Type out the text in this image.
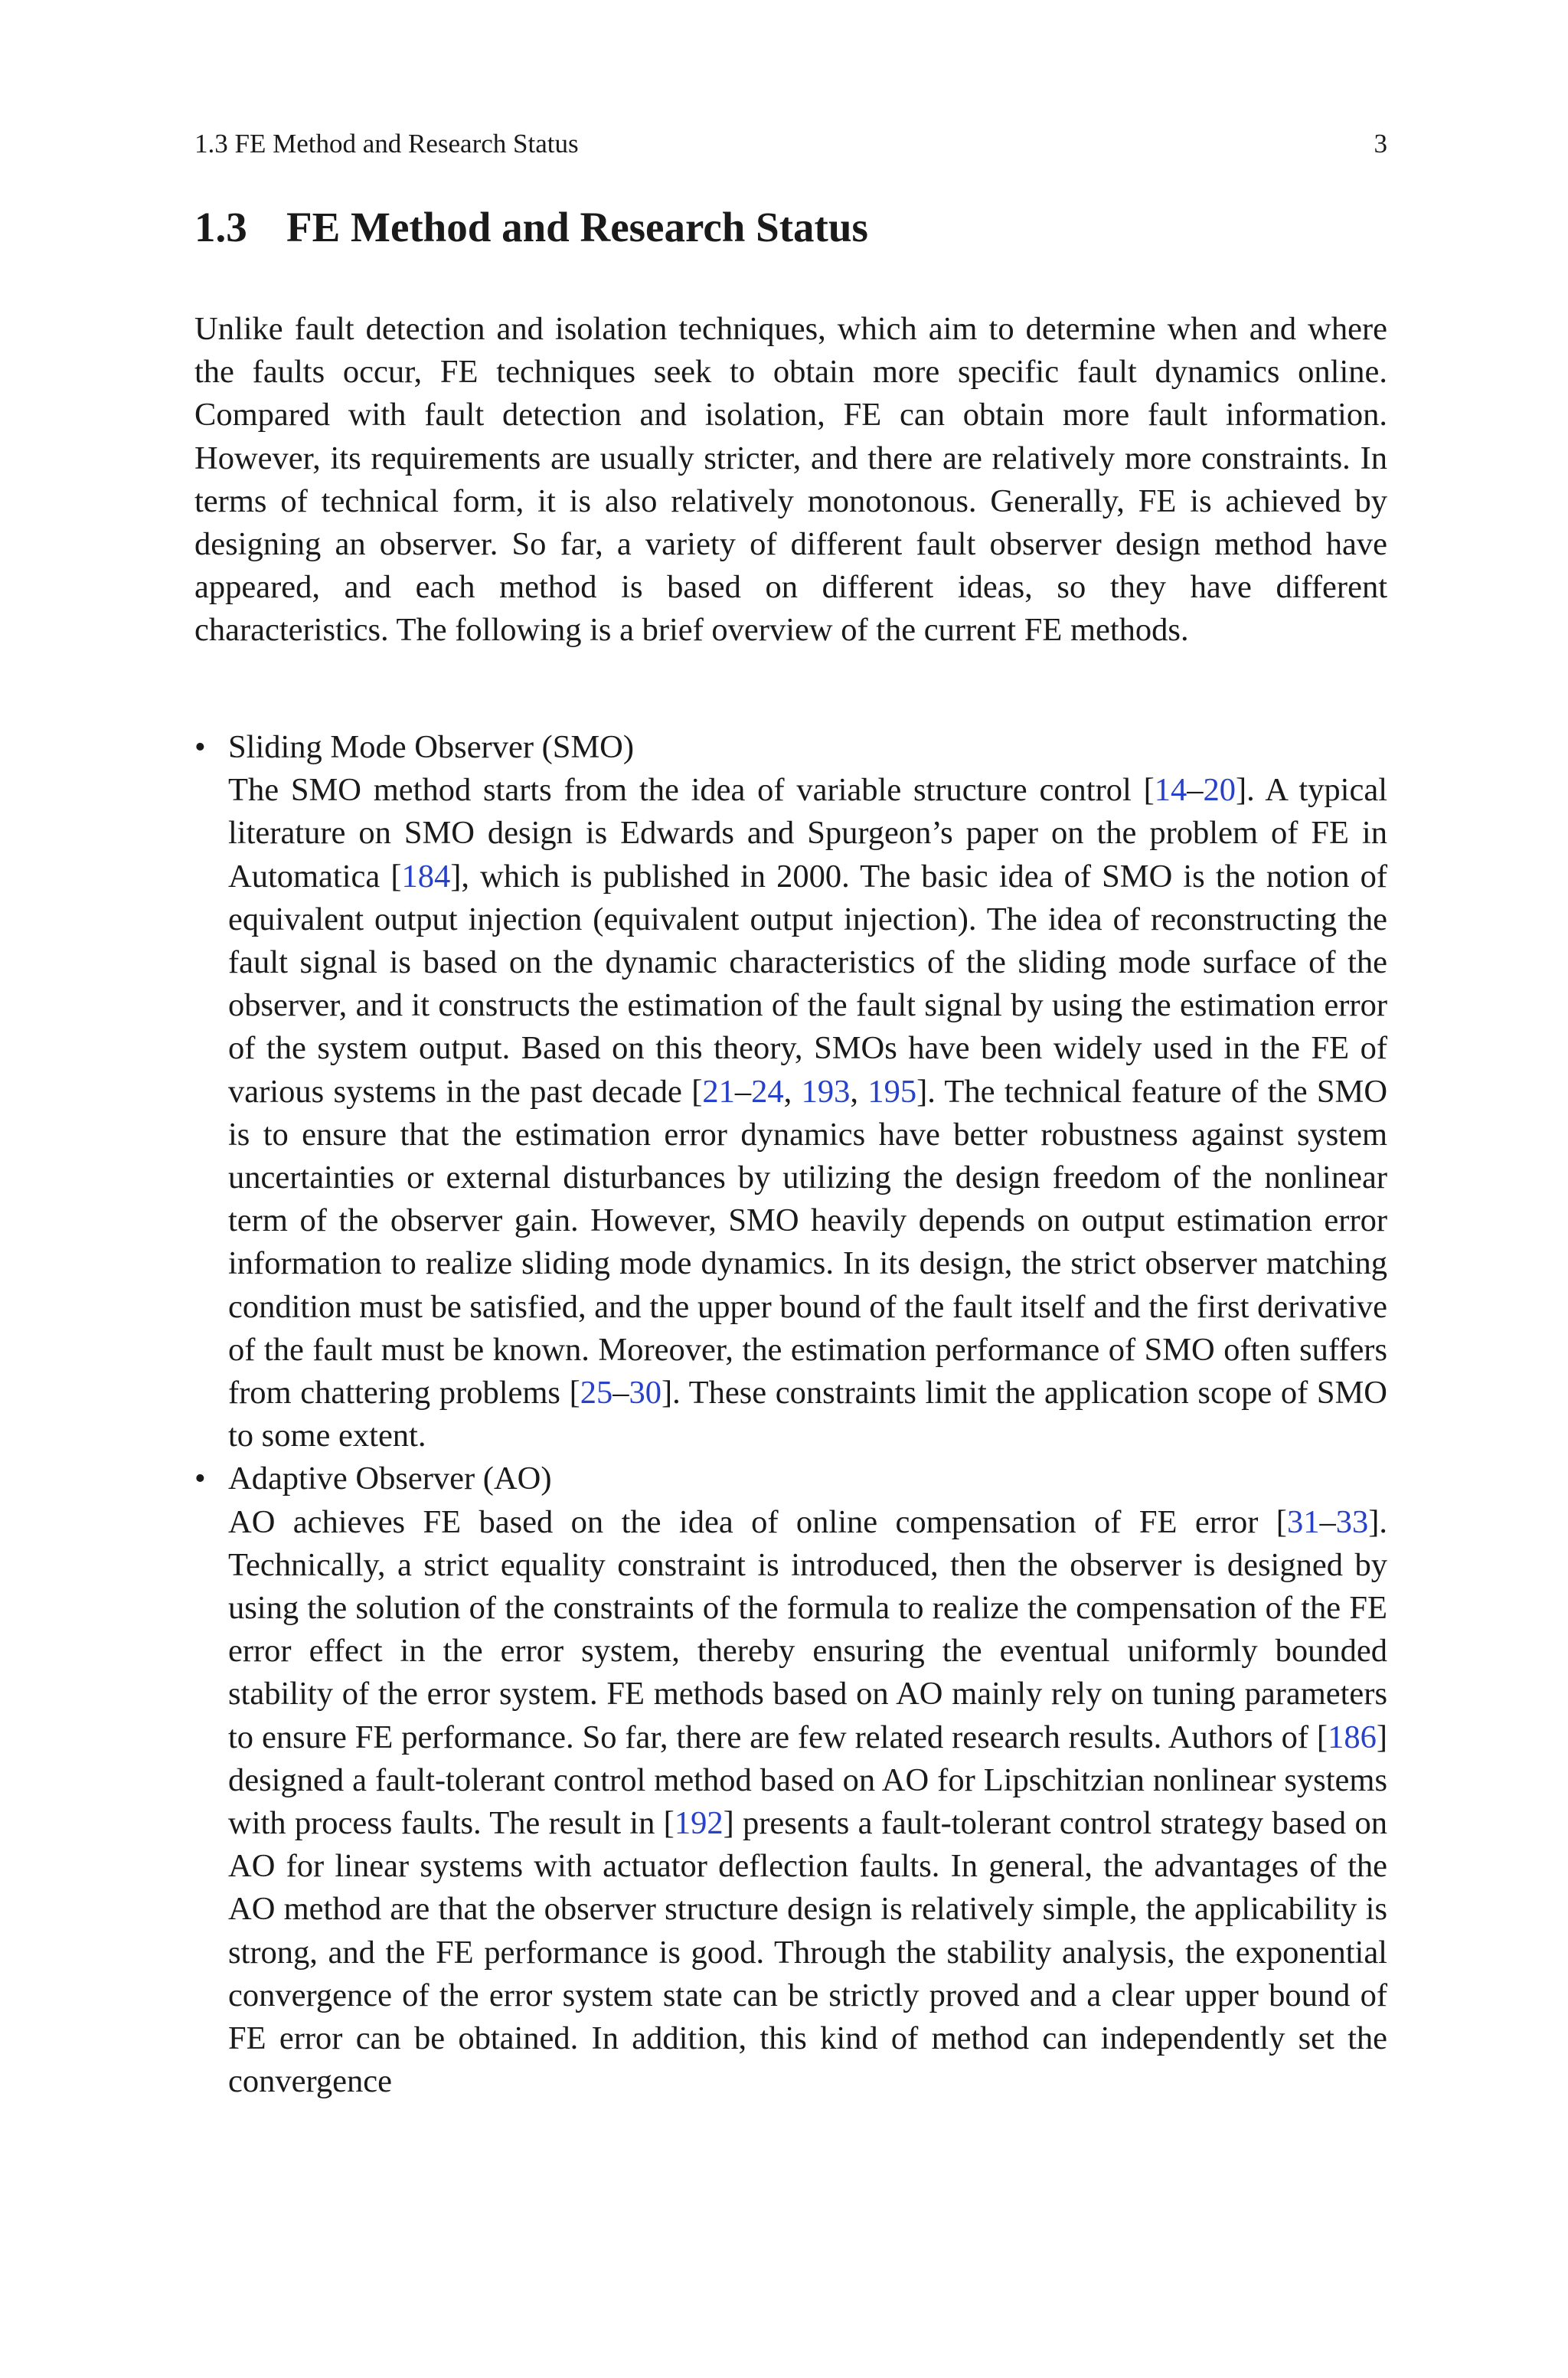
1.3 FE Method and Research Status	3
1.3 FE Method and Research Status

Unlike fault detection and isolation techniques, which aim to determine when and where the faults occur, FE techniques seek to obtain more specific fault dynamics online. Compared with fault detection and isolation, FE can obtain more fault information. However, its requirements are usually stricter, and there are relatively more constraints. In terms of technical form, it is also relatively monotonous. Generally, FE is achieved by designing an observer. So far, a variety of different fault observer design method have appeared, and each method is based on different ideas, so they have different characteristics. The following is a brief overview of the current FE methods.

• Sliding Mode Observer (SMO)
The SMO method starts from the idea of variable structure control [14–20]. A typical literature on SMO design is Edwards and Spurgeon’s paper on the problem of FE in Automatica [184], which is published in 2000. The basic idea of SMO is the notion of equivalent output injection (equivalent output injection). The idea of reconstructing the fault signal is based on the dynamic characteristics of the sliding mode surface of the observer, and it constructs the estimation of the fault signal by using the estimation error of the system output. Based on this theory, SMOs have been widely used in the FE of various systems in the past decade [21–24, 193, 195]. The technical feature of the SMO is to ensure that the estimation error dynamics have better robustness against system uncertainties or external disturbances by utilizing the design freedom of the nonlinear term of the observer gain. However, SMO heavily depends on output estimation error information to realize sliding mode dynamics. In its design, the strict observer matching condition must be satisfied, and the upper bound of the fault itself and the first derivative of the fault must be known. Moreover, the estimation performance of SMO often suffers from chattering problems [25–30]. These constraints limit the application scope of SMO to some extent.
• Adaptive Observer (AO)
AO achieves FE based on the idea of online compensation of FE error [31–33]. Technically, a strict equality constraint is introduced, then the observer is designed by using the solution of the constraints of the formula to realize the compensation of the FE error effect in the error system, thereby ensuring the eventual uniformly bounded stability of the error system. FE methods based on AO mainly rely on tuning parameters to ensure FE performance. So far, there are few related research results. Authors of [186] designed a fault-tolerant control method based on AO for Lipschitzian nonlinear systems with process faults. The result in [192] presents a fault-tolerant control strategy based on AO for linear systems with actuator deflection faults. In general, the advantages of the AO method are that the observer structure design is relatively simple, the applicability is strong, and the FE performance is good. Through the stability analysis, the exponential convergence of the error system state can be strictly proved and a clear upper bound of FE error can be obtained. In addition, this kind of method can independently set the convergence
